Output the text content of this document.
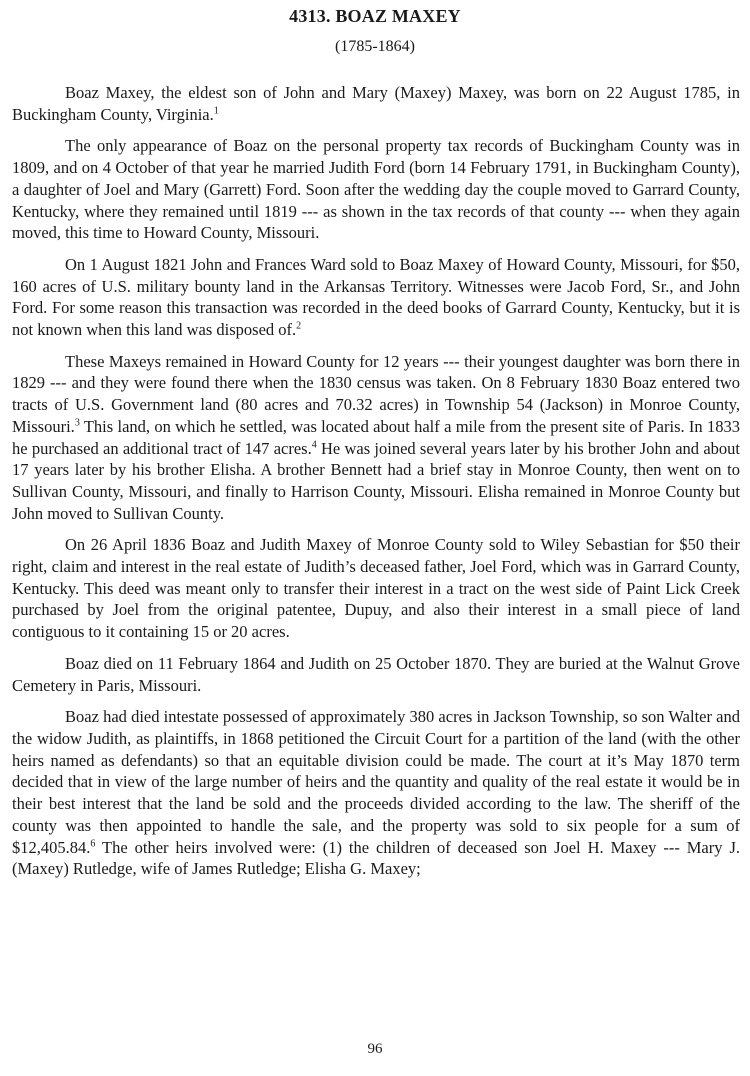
4313. BOAZ MAXEY
(1785-1864)

Boaz Maxey, the eldest son of John and Mary (Maxey) Maxey, was born on 22 August 1785, in Buckingham County, Virginia.$^1$

The only appearance of Boaz on the personal property tax records of Buckingham County was in 1809, and on 4 October of that year he married Judith Ford (born 14 February 1791, in Buckingham County), a daughter of Joel and Mary (Garrett) Ford. Soon after the wedding day the couple moved to Garrard County, Kentucky, where they remained until 1819 --- as shown in the tax records of that county --- when they again moved, this time to Howard County, Missouri.

On 1 August 1821 John and Frances Ward sold to Boaz Maxey of Howard County, Missouri, for $50, 160 acres of U.S. military bounty land in the Arkansas Territory. Witnesses were Jacob Ford, Sr., and John Ford. For some reason this transaction was recorded in the deed books of Garrard County, Kentucky, but it is not known when this land was disposed of.$^2$

These Maxeys remained in Howard County for 12 years --- their youngest daughter was born there in 1829 --- and they were found there when the 1830 census was taken. On 8 February 1830 Boaz entered two tracts of U.S. Government land (80 acres and 70.32 acres) in Township 54 (Jackson) in Monroe County, Missouri.$^3$ This land, on which he settled, was located about half a mile from the present site of Paris. In 1833 he purchased an additional tract of 147 acres.$^4$ He was joined several years later by his brother John and about 17 years later by his brother Elisha. A brother Bennett had a brief stay in Monroe County, then went on to Sullivan County, Missouri, and finally to Harrison County, Missouri. Elisha remained in Monroe County but John moved to Sullivan County.

On 26 April 1836 Boaz and Judith Maxey of Monroe County sold to Wiley Sebastian for $50 their right, claim and interest in the real estate of Judith’s deceased father, Joel Ford, which was in Garrard County, Kentucky. This deed was meant only to transfer their interest in a tract on the west side of Paint Lick Creek purchased by Joel from the original patentee, Dupuy, and also their interest in a small piece of land contiguous to it containing 15 or 20 acres.

Boaz died on 11 February 1864 and Judith on 25 October 1870. They are buried at the Walnut Grove Cemetery in Paris, Missouri.

Boaz had died intestate possessed of approximately 380 acres in Jackson Township, so son Walter and the widow Judith, as plaintiffs, in 1868 petitioned the Circuit Court for a partition of the land (with the other heirs named as defendants) so that an equitable division could be made. The court at it’s May 1870 term decided that in view of the large number of heirs and the quantity and quality of the real estate it would be in their best interest that the land be sold and the proceeds divided according to the law. The sheriff of the county was then appointed to handle the sale, and the property was sold to six people for a sum of $12,405.84.$^6$ The other heirs involved were: (1) the children of deceased son Joel H. Maxey --- Mary J. (Maxey) Rutledge, wife of James Rutledge; Elisha G. Maxey;

96
